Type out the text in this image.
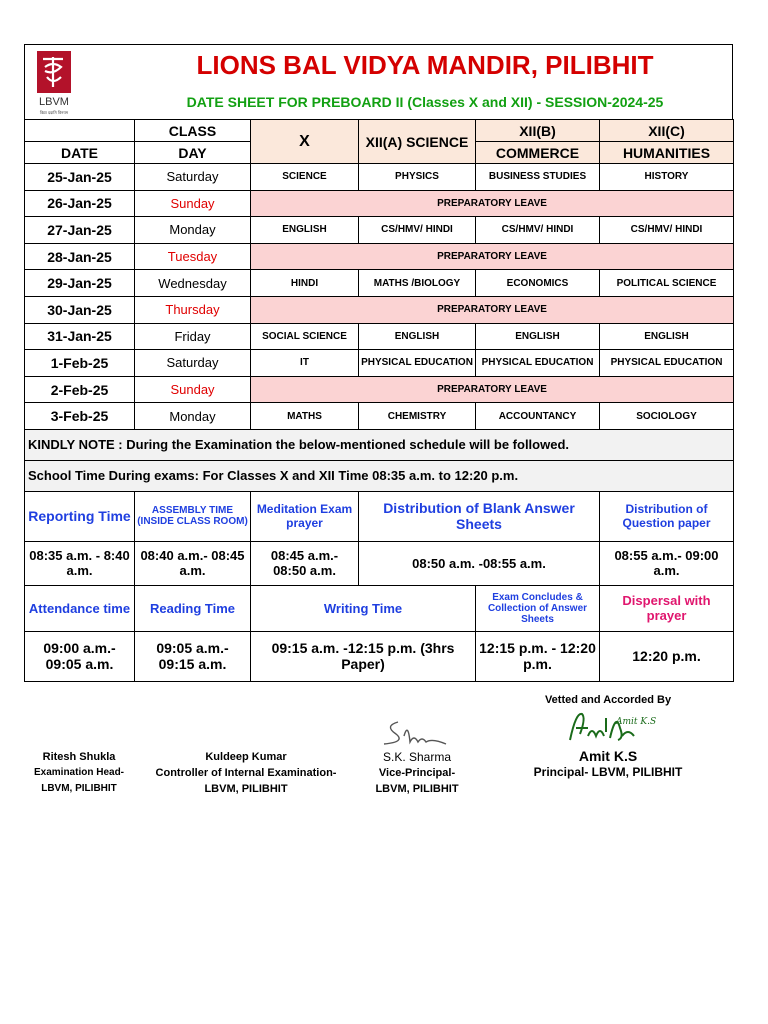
LBVM
विद्या ददाति विनयम
LIONS BAL VIDYA MANDIR, PILIBHIT
DATE SHEET FOR PREBOARD II (Classes X and XII) - SESSION-2024-25
	CLASS	X	XII(A) SCIENCE	XII(B)	XII(C)
DATE	DAY			COMMERCE	HUMANITIES
25-Jan-25	Saturday	SCIENCE	PHYSICS	BUSINESS STUDIES	HISTORY
26-Jan-25	Sunday	PREPARATORY LEAVE			
27-Jan-25	Monday	ENGLISH	CS/HMV/ HINDI	CS/HMV/ HINDI	CS/HMV/ HINDI
28-Jan-25	Tuesday	PREPARATORY LEAVE			
29-Jan-25	Wednesday	HINDI	MATHS /BIOLOGY	ECONOMICS	POLITICAL SCIENCE
30-Jan-25	Thursday	PREPARATORY LEAVE			
31-Jan-25	Friday	SOCIAL SCIENCE	ENGLISH	ENGLISH	ENGLISH
1-Feb-25	Saturday	IT	PHYSICAL EDUCATION	PHYSICAL EDUCATION	PHYSICAL EDUCATION
2-Feb-25	Sunday	PREPARATORY LEAVE			
3-Feb-25	Monday	MATHS	CHEMISTRY	ACCOUNTANCY	SOCIOLOGY
KINDLY NOTE : During the Examination the below-mentioned schedule will be followed.					
School Time During exams: For Classes X and XII Time 08:35 a.m. to 12:20 p.m.					
Reporting Time	ASSEMBLY TIME (INSIDE CLASS ROOM)	Meditation Exam prayer	Distribution of Blank Answer Sheets		Distribution of Question paper
08:35 a.m. - 8:40 a.m.	08:40 a.m.- 08:45 a.m.	08:45 a.m.- 08:50 a.m.	08:50 a.m. -08:55 a.m.		08:55 a.m.- 09:00 a.m.
Attendance time	Reading Time	Writing Time		Exam Concludes & Collection of Answer Sheets	Dispersal with prayer
09:00 a.m.- 09:05 a.m.	09:05 a.m.- 09:15 a.m.	09:15 a.m. -12:15 p.m. (3hrs Paper)		12:15 p.m. - 12:20 p.m.	12:20 p.m.
Vetted and Accorded By
Amit K.S
Ritesh Shukla
Examination Head-
LBVM, PILIBHIT
Kuldeep Kumar
Controller of Internal Examination-
LBVM, PILIBHIT
S.K. Sharma
Vice-Principal-
LBVM, PILIBHIT
Amit K.S
Principal- LBVM, PILIBHIT
